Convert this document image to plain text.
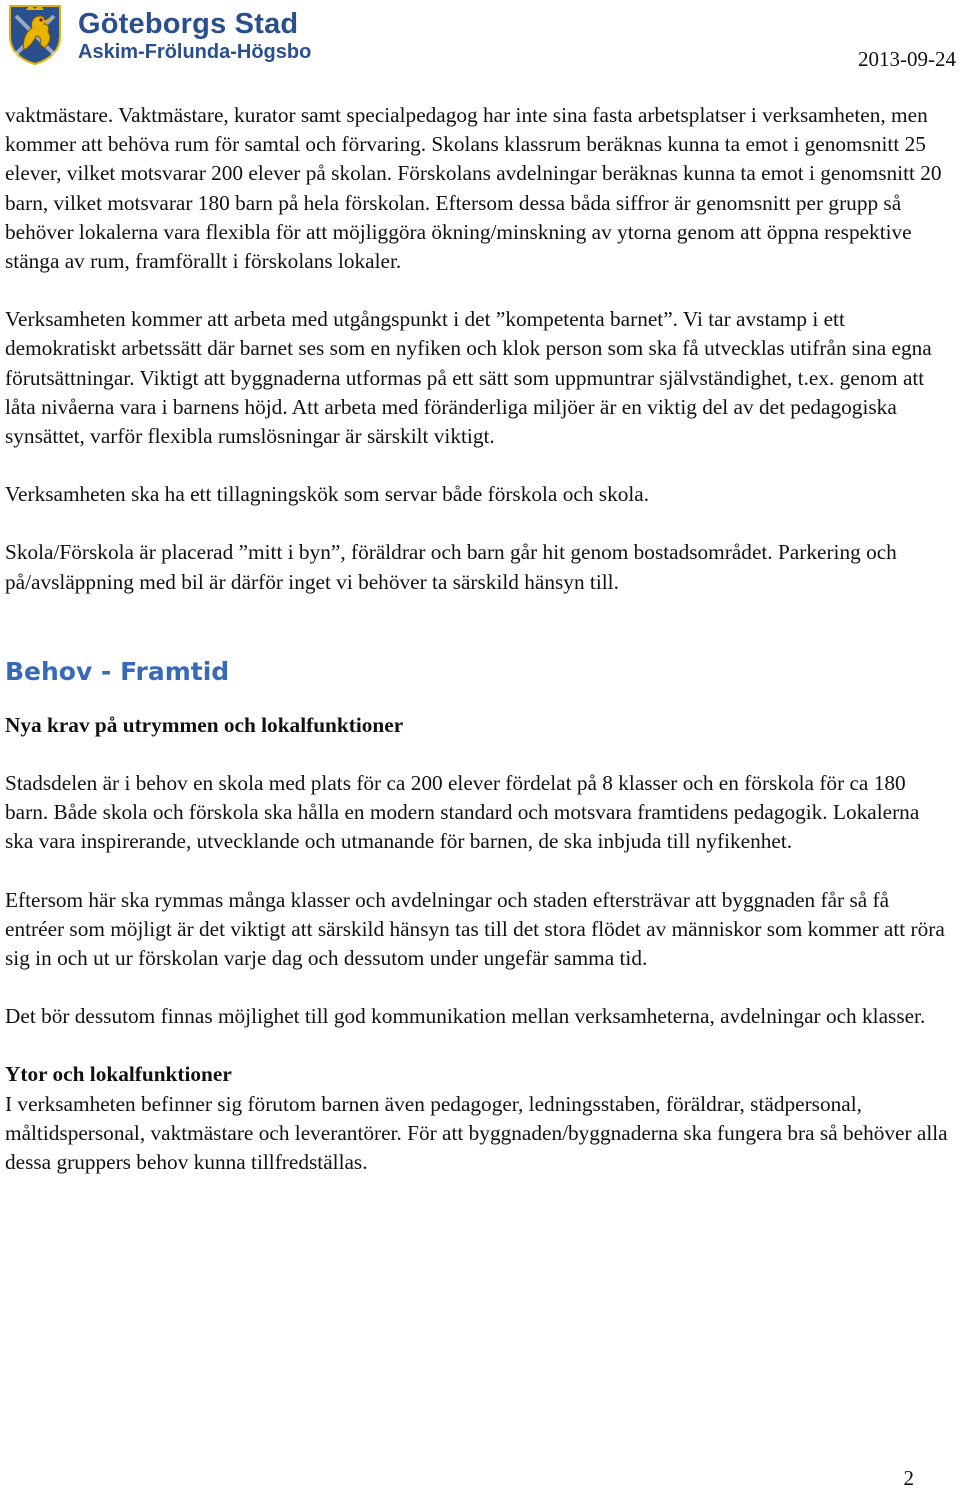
Göteborgs Stad
Askim-Frölunda-Högsbo	2013-09-24

vaktmästare. Vaktmästare, kurator samt specialpedagog har inte sina fasta arbetsplatser i verksamheten, men kommer att behöva rum för samtal och förvaring. Skolans klassrum beräknas kunna ta emot i genomsnitt 25 elever, vilket motsvarar 200 elever på skolan. Förskolans avdelningar beräknas kunna ta emot i genomsnitt 20 barn, vilket motsvarar 180 barn på hela förskolan. Eftersom dessa båda siffror är genomsnitt per grupp så behöver lokalerna vara flexibla för att möjliggöra ökning/minskning av ytorna genom att öppna respektive stänga av rum, framförallt i förskolans lokaler.

Verksamheten kommer att arbeta med utgångspunkt i det ”kompetenta barnet”. Vi tar avstamp i ett demokratiskt arbetssätt där barnet ses som en nyfiken och klok person som ska få utvecklas utifrån sina egna förutsättningar. Viktigt att byggnaderna utformas på ett sätt som uppmuntrar självständighet, t.ex. genom att låta nivåerna vara i barnens höjd. Att arbeta med föränderliga miljöer är en viktig del av det pedagogiska synsättet, varför flexibla rumslösningar är särskilt viktigt.

Verksamheten ska ha ett tillagningskök som servar både förskola och skola.

Skola/Förskola är placerad ”mitt i byn”, föräldrar och barn går hit genom bostadsområdet. Parkering och på/avsläppning med bil är därför inget vi behöver ta särskild hänsyn till.

Behov - Framtid

Nya krav på utrymmen och lokalfunktioner

Stadsdelen är i behov en skola med plats för ca 200 elever fördelat på 8 klasser och en förskola för ca 180 barn. Både skola och förskola ska hålla en modern standard och motsvara framtidens pedagogik. Lokalerna ska vara inspirerande, utvecklande och utmanande för barnen, de ska inbjuda till nyfikenhet.

Eftersom här ska rymmas många klasser och avdelningar och staden eftersträvar att byggnaden får så få entréer som möjligt är det viktigt att särskild hänsyn tas till det stora flödet av människor som kommer att röra sig in och ut ur förskolan varje dag och dessutom under ungefär samma tid.

Det bör dessutom finnas möjlighet till god kommunikation mellan verksamheterna, avdelningar och klasser.

Ytor och lokalfunktioner

I verksamheten befinner sig förutom barnen även pedagoger, ledningsstaben, föräldrar, städpersonal, måltidspersonal, vaktmästare och leverantörer. För att byggnaden/byggnaderna ska fungera bra så behöver alla dessa gruppers behov kunna tillfredställas.

2
